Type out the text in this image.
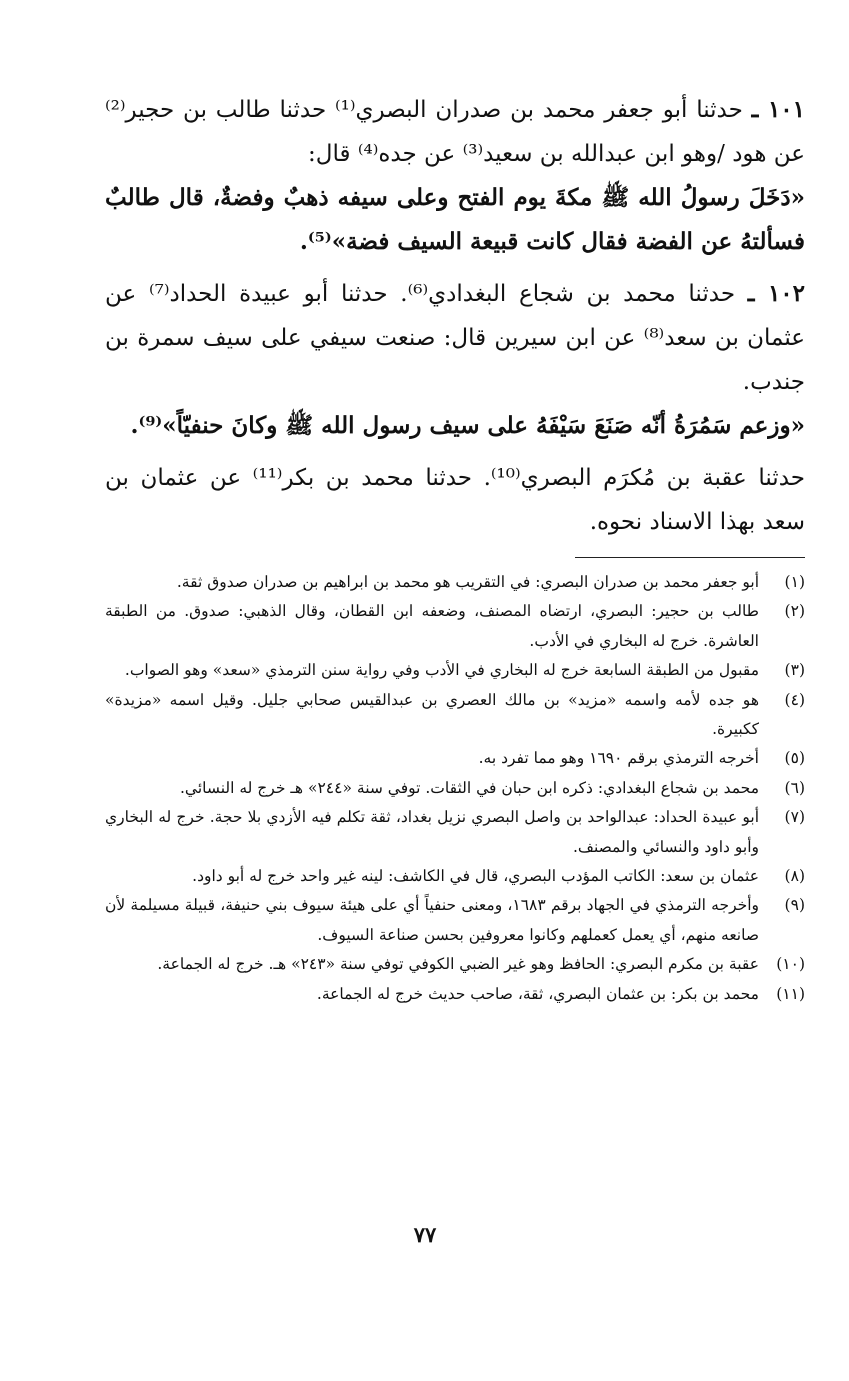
١٠١ ـ حدثنا أبو جعفر محمد بن صدران البصري⁽¹⁾ حدثنا طالب بن حجير⁽²⁾ عن هود /وهو ابن عبدالله بن سعيد⁽³⁾ عن جده⁽⁴⁾ قال:

«دَخَلَ رسولُ الله ﷺ مكةَ يوم الفتح وعلى سيفه ذهبٌ وفضةٌ، قال طالبٌ فسألتهُ عن الفضة فقال كانت قبيعة السيف فضة»⁽⁵⁾.

١٠٢ ـ حدثنا محمد بن شجاع البغدادي⁽⁶⁾. حدثنا أبو عبيدة الحداد⁽⁷⁾ عن عثمان بن سعد⁽⁸⁾ عن ابن سيرين قال: صنعت سيفي على سيف سمرة بن جندب.

«وزعم سَمُرَةُ أنّه صَنَعَ سَيْفَهُ على سيف رسول الله ﷺ وكانَ حنفيّاً»⁽⁹⁾.

حدثنا عقبة بن مُكرَم البصري⁽¹⁰⁾. حدثنا محمد بن بكر⁽¹¹⁾ عن عثمان بن سعد بهذا الاسناد نحوه.

(١)
أبو جعفر محمد بن صدران البصري: في التقريب هو محمد بن ابراهيم بن صدران صدوق ثقة.
(٢)
طالب بن حجير: البصري، ارتضاه المصنف، وضعفه ابن القطان، وقال الذهبي: صدوق. من الطبقة العاشرة. خرج له البخاري في الأدب.
(٣)
مقبول من الطبقة السابعة خرج له البخاري في الأدب وفي رواية سنن الترمذي «سعد» وهو الصواب.
(٤)
هو جده لأمه واسمه «مزيد» بن مالك العصري بن عبدالقيس صحابي جليل. وقيل اسمه «مزيدة» ككبيرة.
(٥)
أخرجه الترمذي برقم ١٦٩٠ وهو مما تفرد به.
(٦)
محمد بن شجاع البغدادي: ذكره ابن حبان في الثقات. توفي سنة «٢٤٤» هـ خرج له النسائي.
(٧)
أبو عبيدة الحداد: عبدالواحد بن واصل البصري نزيل بغداد، ثقة تكلم فيه الأزدي بلا حجة. خرج له البخاري وأبو داود والنسائي والمصنف.
(٨)
عثمان بن سعد: الكاتب المؤدب البصري، قال في الكاشف: لينه غير واحد خرج له أبو داود.
(٩)
وأخرجه الترمذي في الجهاد برقم ١٦٨٣، ومعنى حنفياً أي على هيئة سيوف بني حنيفة، قبيلة مسيلمة لأن صانعه منهم، أي يعمل كعملهم وكانوا معروفين بحسن صناعة السيوف.
(١٠)
عقبة بن مكرم البصري: الحافظ وهو غير الضبي الكوفي توفي سنة «٢٤٣» هـ. خرج له الجماعة.
(١١)
محمد بن بكر: بن عثمان البصري، ثقة، صاحب حديث خرج له الجماعة.
٧٧
